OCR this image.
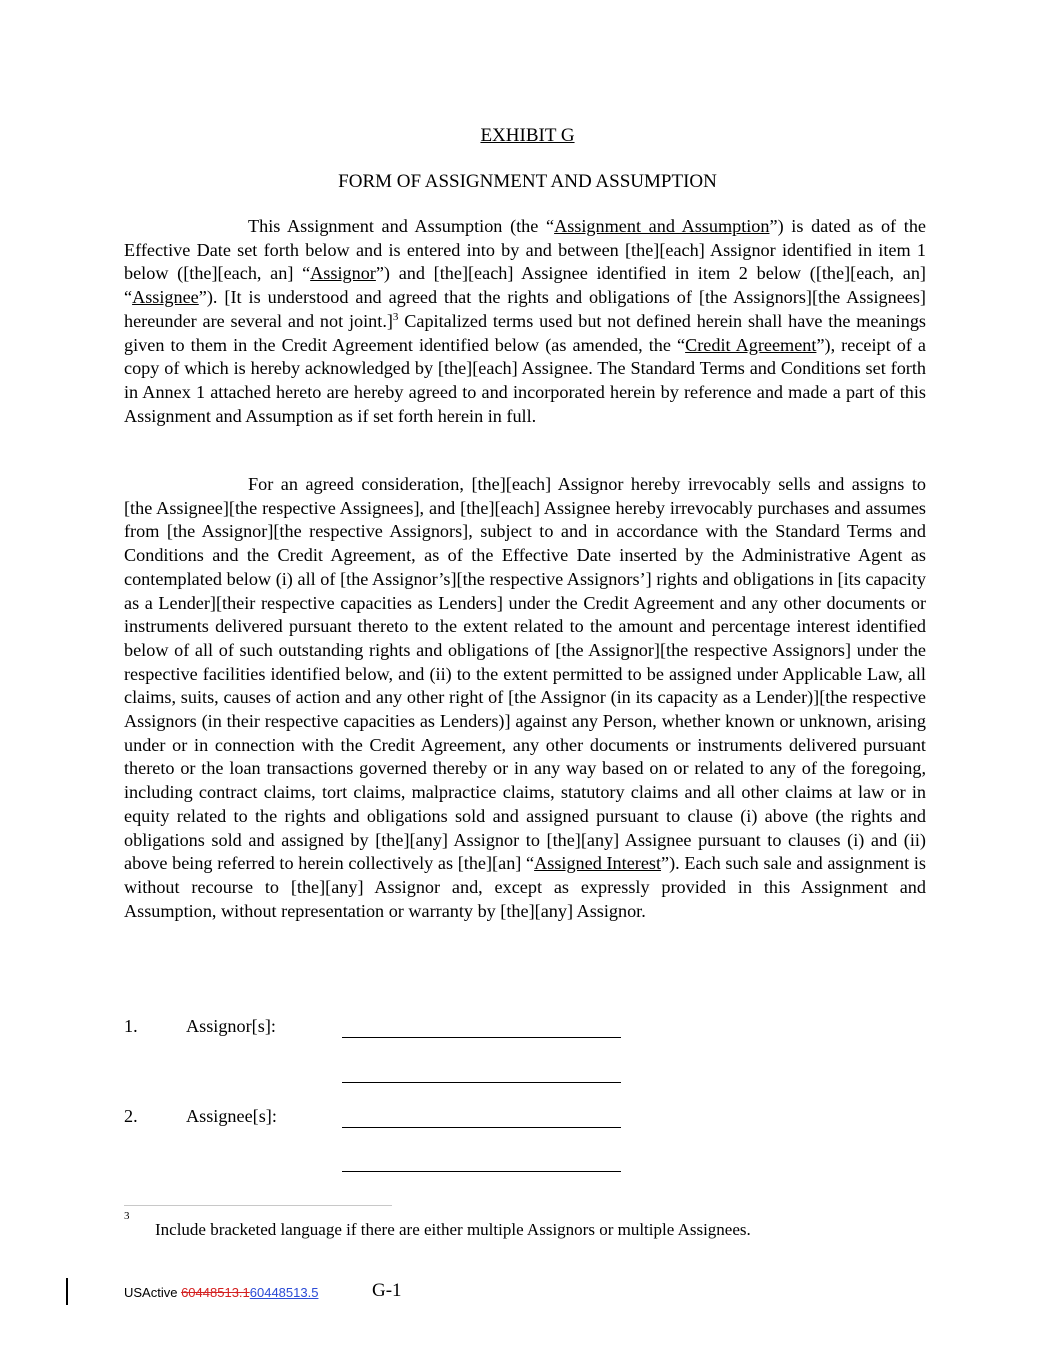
EXHIBIT G
FORM OF ASSIGNMENT AND ASSUMPTION

This Assignment and Assumption (the “Assignment and Assumption”) is dated as of the Effective Date set forth below and is entered into by and between [the][each] Assignor identified in item 1 below ([the][each, an] “Assignor”) and [the][each] Assignee identified in item 2 below ([the][each, an] “Assignee”). [It is understood and agreed that the rights and obligations of [the Assignors][the Assignees] hereunder are several and not joint.]$^3$ Capitalized terms used but not defined herein shall have the meanings given to them in the Credit Agreement identified below (as amended, the “Credit Agreement”), receipt of a copy of which is hereby acknowledged by [the][each] Assignee. The Standard Terms and Conditions set forth in Annex 1 attached hereto are hereby agreed to and incorporated herein by reference and made a part of this Assignment and Assumption as if set forth herein in full.

For an agreed consideration, [the][each] Assignor hereby irrevocably sells and assigns to [the Assignee][the respective Assignees], and [the][each] Assignee hereby irrevocably purchases and assumes from [the Assignor][the respective Assignors], subject to and in accordance with the Standard Terms and Conditions and the Credit Agreement, as of the Effective Date inserted by the Administrative Agent as contemplated below (i) all of [the Assignor’s][the respective Assignors’] rights and obligations in [its capacity as a Lender][their respective capacities as Lenders] under the Credit Agreement and any other documents or instruments delivered pursuant thereto to the extent related to the amount and percentage interest identified below of all of such outstanding rights and obligations of [the Assignor][the respective Assignors] under the respective facilities identified below, and (ii) to the extent permitted to be assigned under Applicable Law, all claims, suits, causes of action and any other right of [the Assignor (in its capacity as a Lender)][the respective Assignors (in their respective capacities as Lenders)] against any Person, whether known or unknown, arising under or in connection with the Credit Agreement, any other documents or instruments delivered pursuant thereto or the loan transactions governed thereby or in any way based on or related to any of the foregoing, including contract claims, tort claims, malpractice claims, statutory claims and all other claims at law or in equity related to the rights and obligations sold and assigned pursuant to clause (i) above (the rights and obligations sold and assigned by [the][any] Assignor to [the][any] Assignee pursuant to clauses (i) and (ii) above being referred to herein collectively as [the][an] “Assigned Interest”). Each such sale and assignment is without recourse to [the][any] Assignor and, except as expressly provided in this Assignment and Assumption, without representation or warranty by [the][any] Assignor.

1.	Assignor[s]:
2.	Assignee[s]:
$^3$
Include bracketed language if there are either multiple Assignors or multiple Assignees.
USActive 60448513.160448513.5	G-1
